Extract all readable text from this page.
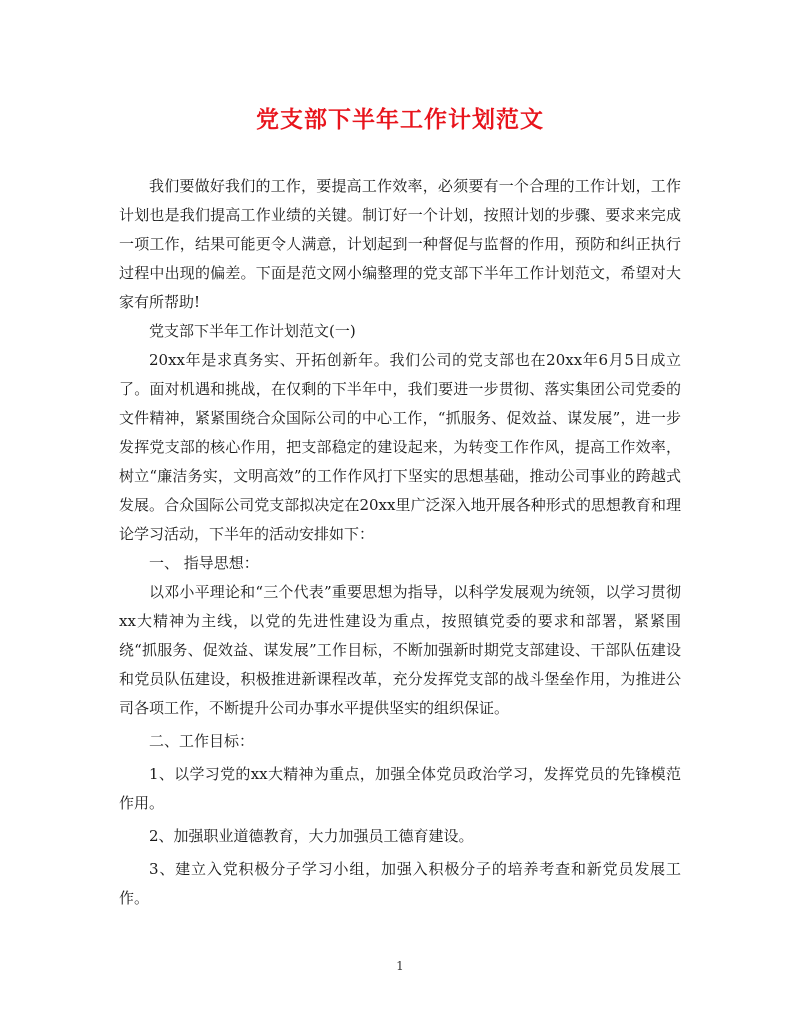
党支部下半年工作计划范文

我们要做好我们的工作，要提高工作效率，必须要有一个合理的工作计划，工作计划也是我们提高工作业绩的关键。制订好一个计划，按照计划的步骤、要求来完成一项工作，结果可能更令人满意，计划起到一种督促与监督的作用，预防和纠正执行过程中出现的偏差。下面是范文网小编整理的党支部下半年工作计划范文，希望对大家有所帮助!

党支部下半年工作计划范文(一)

20xx年是求真务实、开拓创新年。我们公司的党支部也在20xx年6月5日成立了。面对机遇和挑战，在仅剩的下半年中，我们要进一步贯彻、落实集团公司党委的文件精神，紧紧围绕合众国际公司的中心工作，“抓服务、促效益、谋发展”，进一步发挥党支部的核心作用，把支部稳定的建设起来，为转变工作作风，提高工作效率，树立“廉洁务实，文明高效”的工作作风打下坚实的思想基础，推动公司事业的跨越式发展。合众国际公司党支部拟决定在20xx里广泛深入地开展各种形式的思想教育和理论学习活动，下半年的活动安排如下：

一、 指导思想：

以邓小平理论和“三个代表”重要思想为指导，以科学发展观为统领，以学习贯彻xx大精神为主线，以党的先进性建设为重点，按照镇党委的要求和部署，紧紧围绕“抓服务、促效益、谋发展”工作目标，不断加强新时期党支部建设、干部队伍建设和党员队伍建设，积极推进新课程改革，充分发挥党支部的战斗堡垒作用，为推进公司各项工作，不断提升公司办事水平提供坚实的组织保证。

二、工作目标：

1、以学习党的xx大精神为重点，加强全体党员政治学习，发挥党员的先锋模范作用。

2、加强职业道德教育，大力加强员工德育建设。

3、建立入党积极分子学习小组，加强入积极分子的培养考查和新党员发展工作。

1
